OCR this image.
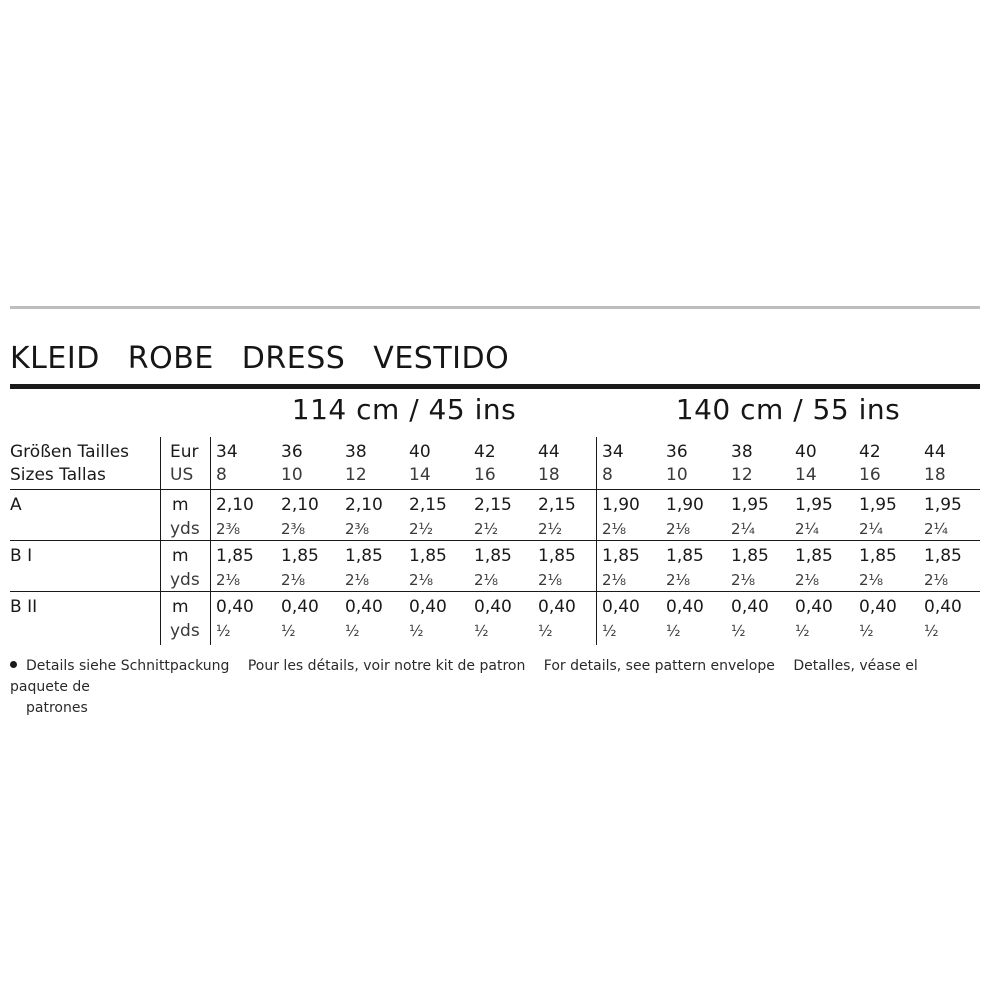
KLEID ROBE DRESS VESTIDO
114 cm / 45 ins	140 cm / 55 ins
Größen Tailles
Sizes Tallas
Eur
US
A
B I
B II
m
yds
m
yds
m
yds
34
8
36
10
38
12
40
14
42
16
44
18
34
8
36
10
38
12
40
14
42
16
44
18
2,10
2⅜
2,10
2⅜
2,10
2⅜
2,15
2½
2,15
2½
2,15
2½
1,90
2⅛
1,90
2⅛
1,95
2¼
1,95
2¼
1,95
2¼
1,95
2¼
1,85
2⅛
1,85
2⅛
1,85
2⅛
1,85
2⅛
1,85
2⅛
1,85
2⅛
1,85
2⅛
1,85
2⅛
1,85
2⅛
1,85
2⅛
1,85
2⅛
1,85
2⅛
0,40
½
0,40
½
0,40
½
0,40
½
0,40
½
0,40
½
0,40
½
0,40
½
0,40
½
0,40
½
0,40
½
0,40
½
Details siehe Schnittpackung Pour les détails, voir notre kit de patron For details, see pattern envelope Detalles, véase el paquete de
patrones
